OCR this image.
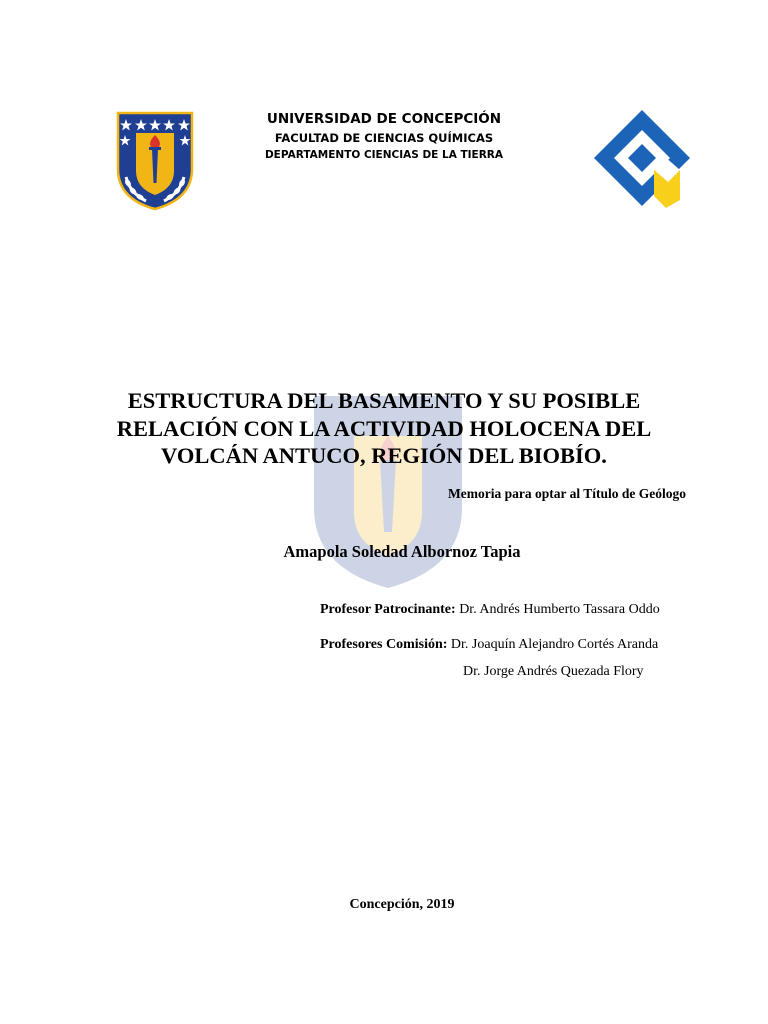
UNIVERSIDAD DE CONCEPCIÓN
FACULTAD DE CIENCIAS QUÍMICAS
DEPARTAMENTO CIENCIAS DE LA TIERRA
ESTRUCTURA DEL BASAMENTO Y SU POSIBLE
RELACIÓN CON LA ACTIVIDAD HOLOCENA DEL
VOLCÁN ANTUCO, REGIÓN DEL BIOBÍO.
Memoria para optar al Título de Geólogo
Amapola Soledad Albornoz Tapia
Profesor Patrocinante: Dr. Andrés Humberto Tassara Oddo
Profesores Comisión: Dr. Joaquín Alejandro Cortés Aranda
Dr. Jorge Andrés Quezada Flory
Concepción, 2019
